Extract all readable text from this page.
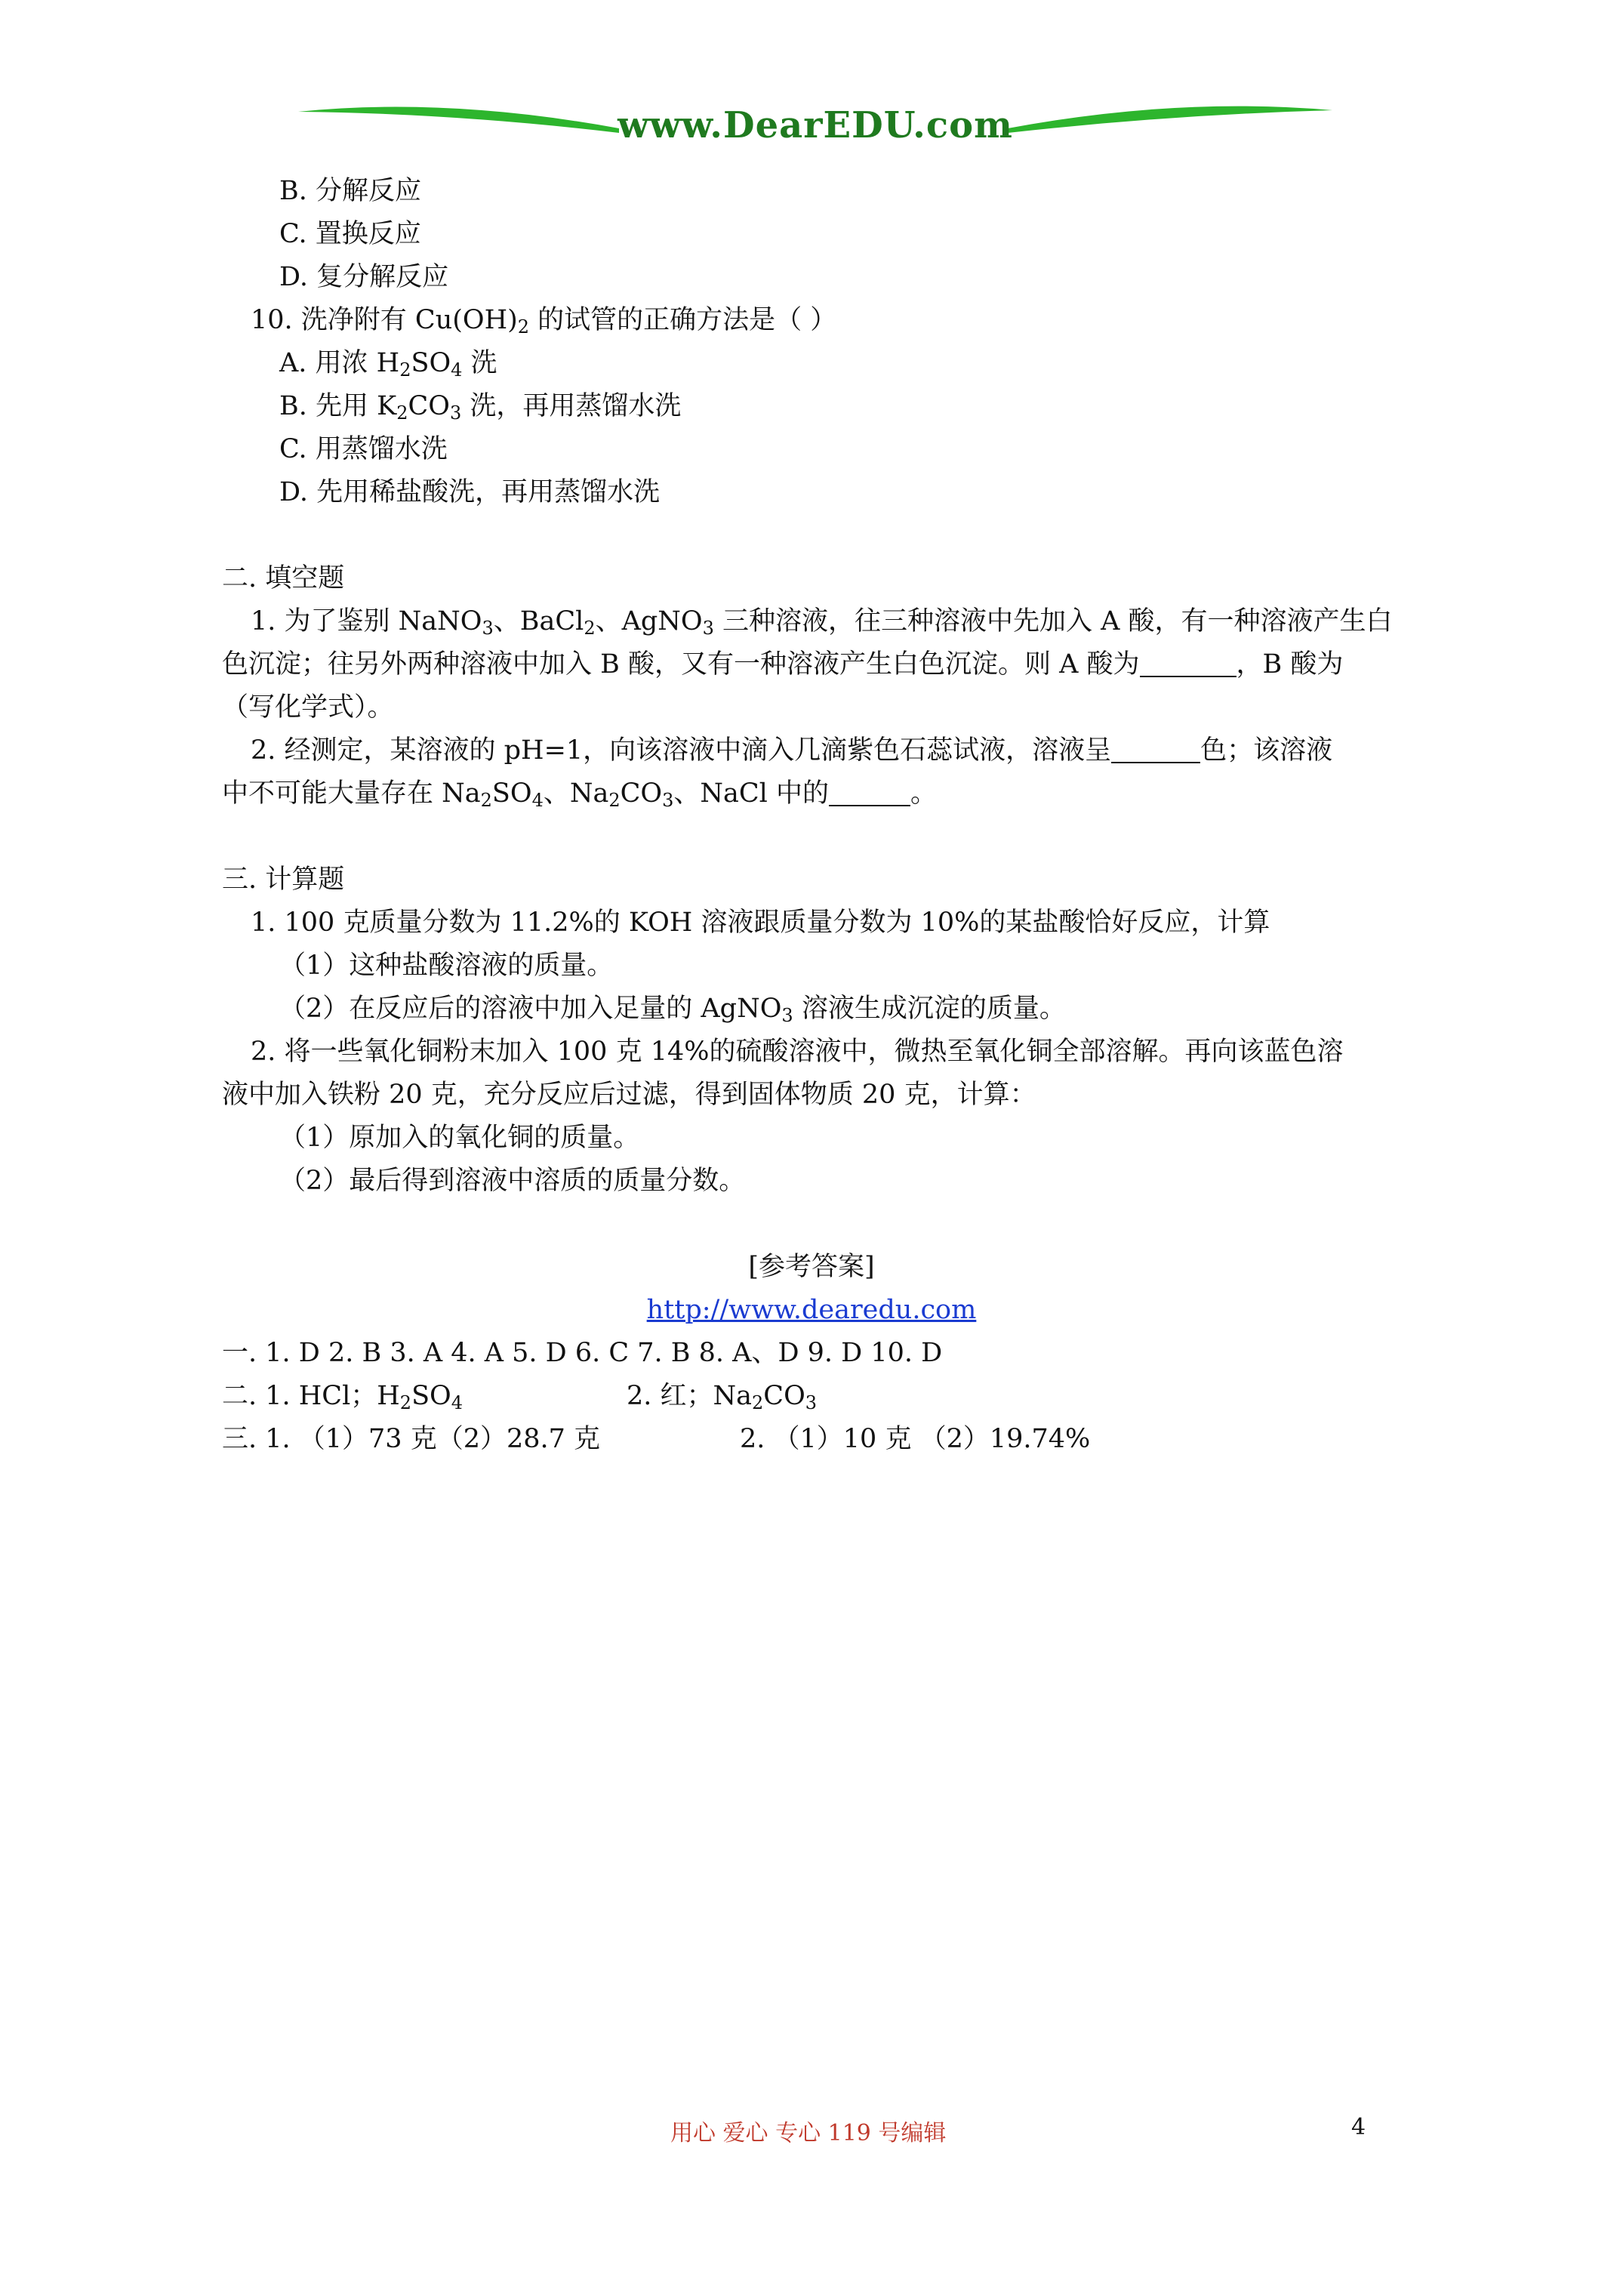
www.DearEDU.com
B. 分解反应
C. 置换反应
D. 复分解反应
10. 洗净附有 $Cu(OH)_2$ 的试管的正确方法是（ ）
A. 用浓 $H_2SO_4$ 洗
B. 先用 $K_2CO_3$ 洗，再用蒸馏水洗
C. 用蒸馏水洗
D. 先用稀盐酸洗，再用蒸馏水洗
二. 填空题
1. 为了鉴别 NaNO$_3$、BaCl$_2$、AgNO$_3$ 三种溶液，往三种溶液中先加入 A 酸，有一种溶液产生白
色沉淀；往另外两种溶液中加入 B 酸，又有一种溶液产生白色沉淀。则 A 酸为	，B 酸为
（写化学式）。
2. 经测定，某溶液的 pH=1，向该溶液中滴入几滴紫色石蕊试液，溶液呈	色；该溶液
中不可能大量存在 $Na_2SO_4$、$Na_2CO_3$、NaCl 中的	。
三. 计算题
1. 100 克质量分数为 11.2%的 KOH 溶液跟质量分数为 10%的某盐酸恰好反应，计算
（1）这种盐酸溶液的质量。
（2）在反应后的溶液中加入足量的 AgNO$_3$ 溶液生成沉淀的质量。
2. 将一些氧化铜粉末加入 100 克 14%的硫酸溶液中，微热至氧化铜全部溶解。再向该蓝色溶
液中加入铁粉 20 克，充分反应后过滤，得到固体物质 20 克，计算：
（1）原加入的氧化铜的质量。
（2）最后得到溶液中溶质的质量分数。
[参考答案]
http://www.dearedu.com
一. 1. D 2. B 3. A 4. A 5. D 6. C 7. B 8. A、D 9. D 10. D
二. 1. HCl；$H_2SO_4$	2. 红；$Na_2CO_3$
三. 1. （1）73 克（2）28.7 克	2. （1）10 克 （2）19.74%
用心 爱心 专心 119 号编辑	4
